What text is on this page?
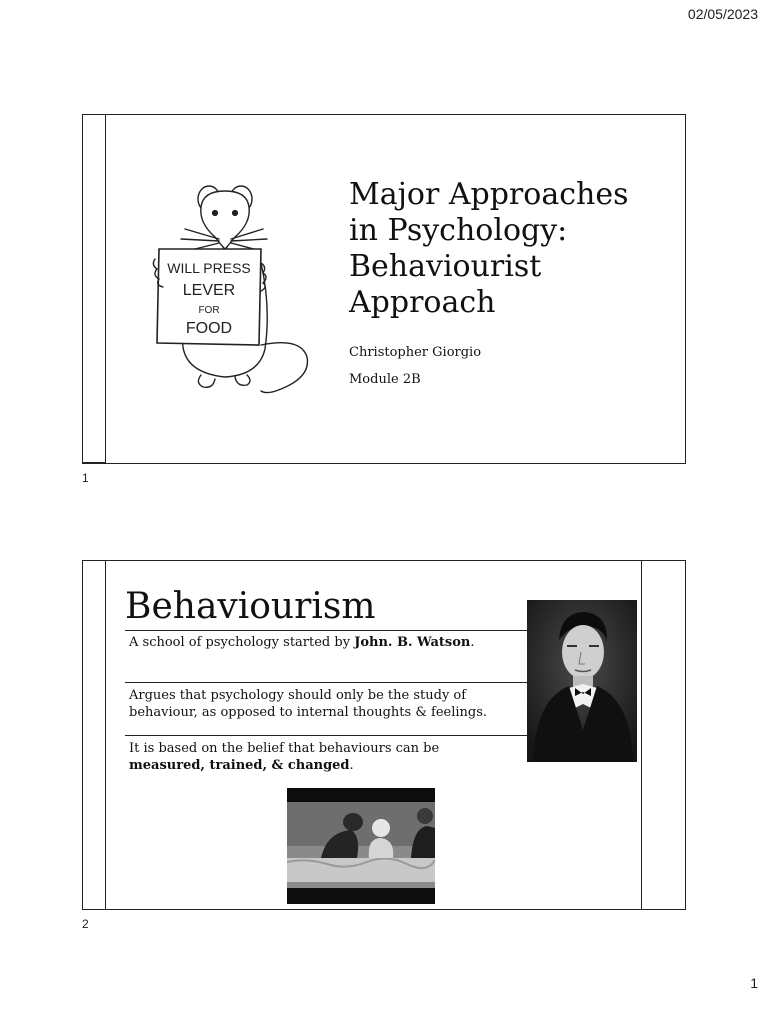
02/05/2023
WILL PRESS
LEVER
FOR
FOOD
Major Approaches
in Psychology:
Behaviourist
Approach
Christopher Giorgio
Module 2B
1
Behaviourism
A school of psychology started by John. B. Watson.
Argues that psychology should only be the study of
behaviour, as opposed to internal thoughts & feelings.
It is based on the belief that behaviours can be
measured, trained, & changed.
2
1
